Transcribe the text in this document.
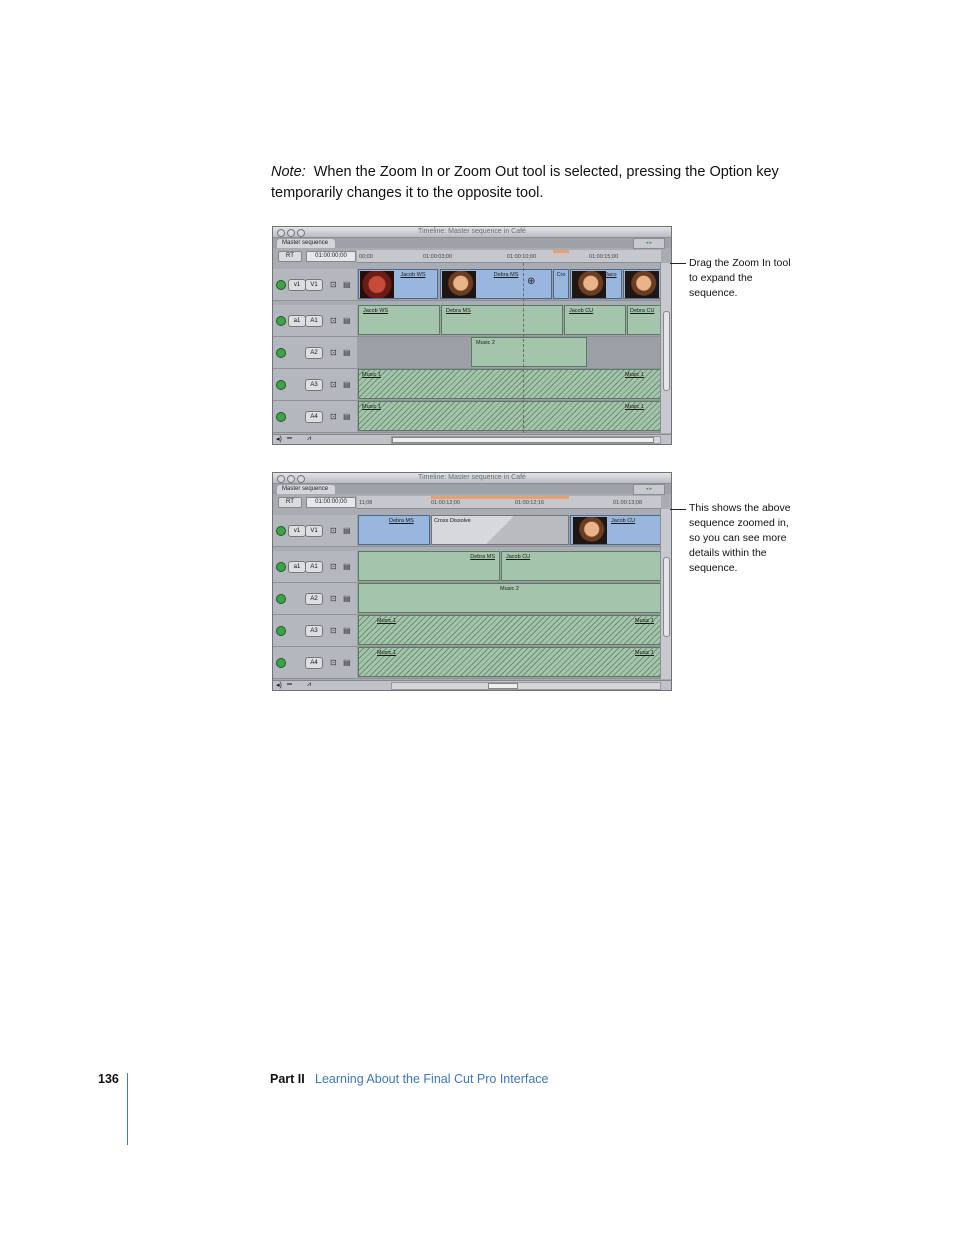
Note: When the Zoom In or Zoom Out tool is selected, pressing the Option key temporarily changes it to the opposite tool.
Timeline: Master sequence in Café
Master sequence	◂ ▸
RT	01:00:00;00	00;00	01:00:03;00	01:00:10;00	01:00:15;00
v1	V1	⊡ ▤
Jacob WS	Debra MS	Cro	Jaco
⊕
a1	A1	⊡ ▤
Jacob WS	Debra MS	Jacob CU	Debra CU
A2	⊡ ▤
Music 2
A3	⊡ ▤
Music 1	Music 1
A4	⊡ ▤
Music 1	Music 1
◂) ═ ⩘
Drag the Zoom In tool to expand the sequence.
Timeline: Master sequence in Café
Master sequence	◂ ▸
RT	01:00:00;00	11;08	01:00:12;00	01:00:12;16	01:00:13;08
v1	V1	⊡ ▤
Debra MS	Cross Dissolve	Jacob CU
a1	A1	⊡ ▤
Debra MS Jacob CU
A2	⊡ ▤
Music 2
A3	⊡ ▤
Music 1	Music 1
A4	⊡ ▤
Music 1	Music 1
◂) ═ ⩘
This shows the above sequence zoomed in, so you can see more details within the sequence.
136	Part II Learning About the Final Cut Pro Interface
